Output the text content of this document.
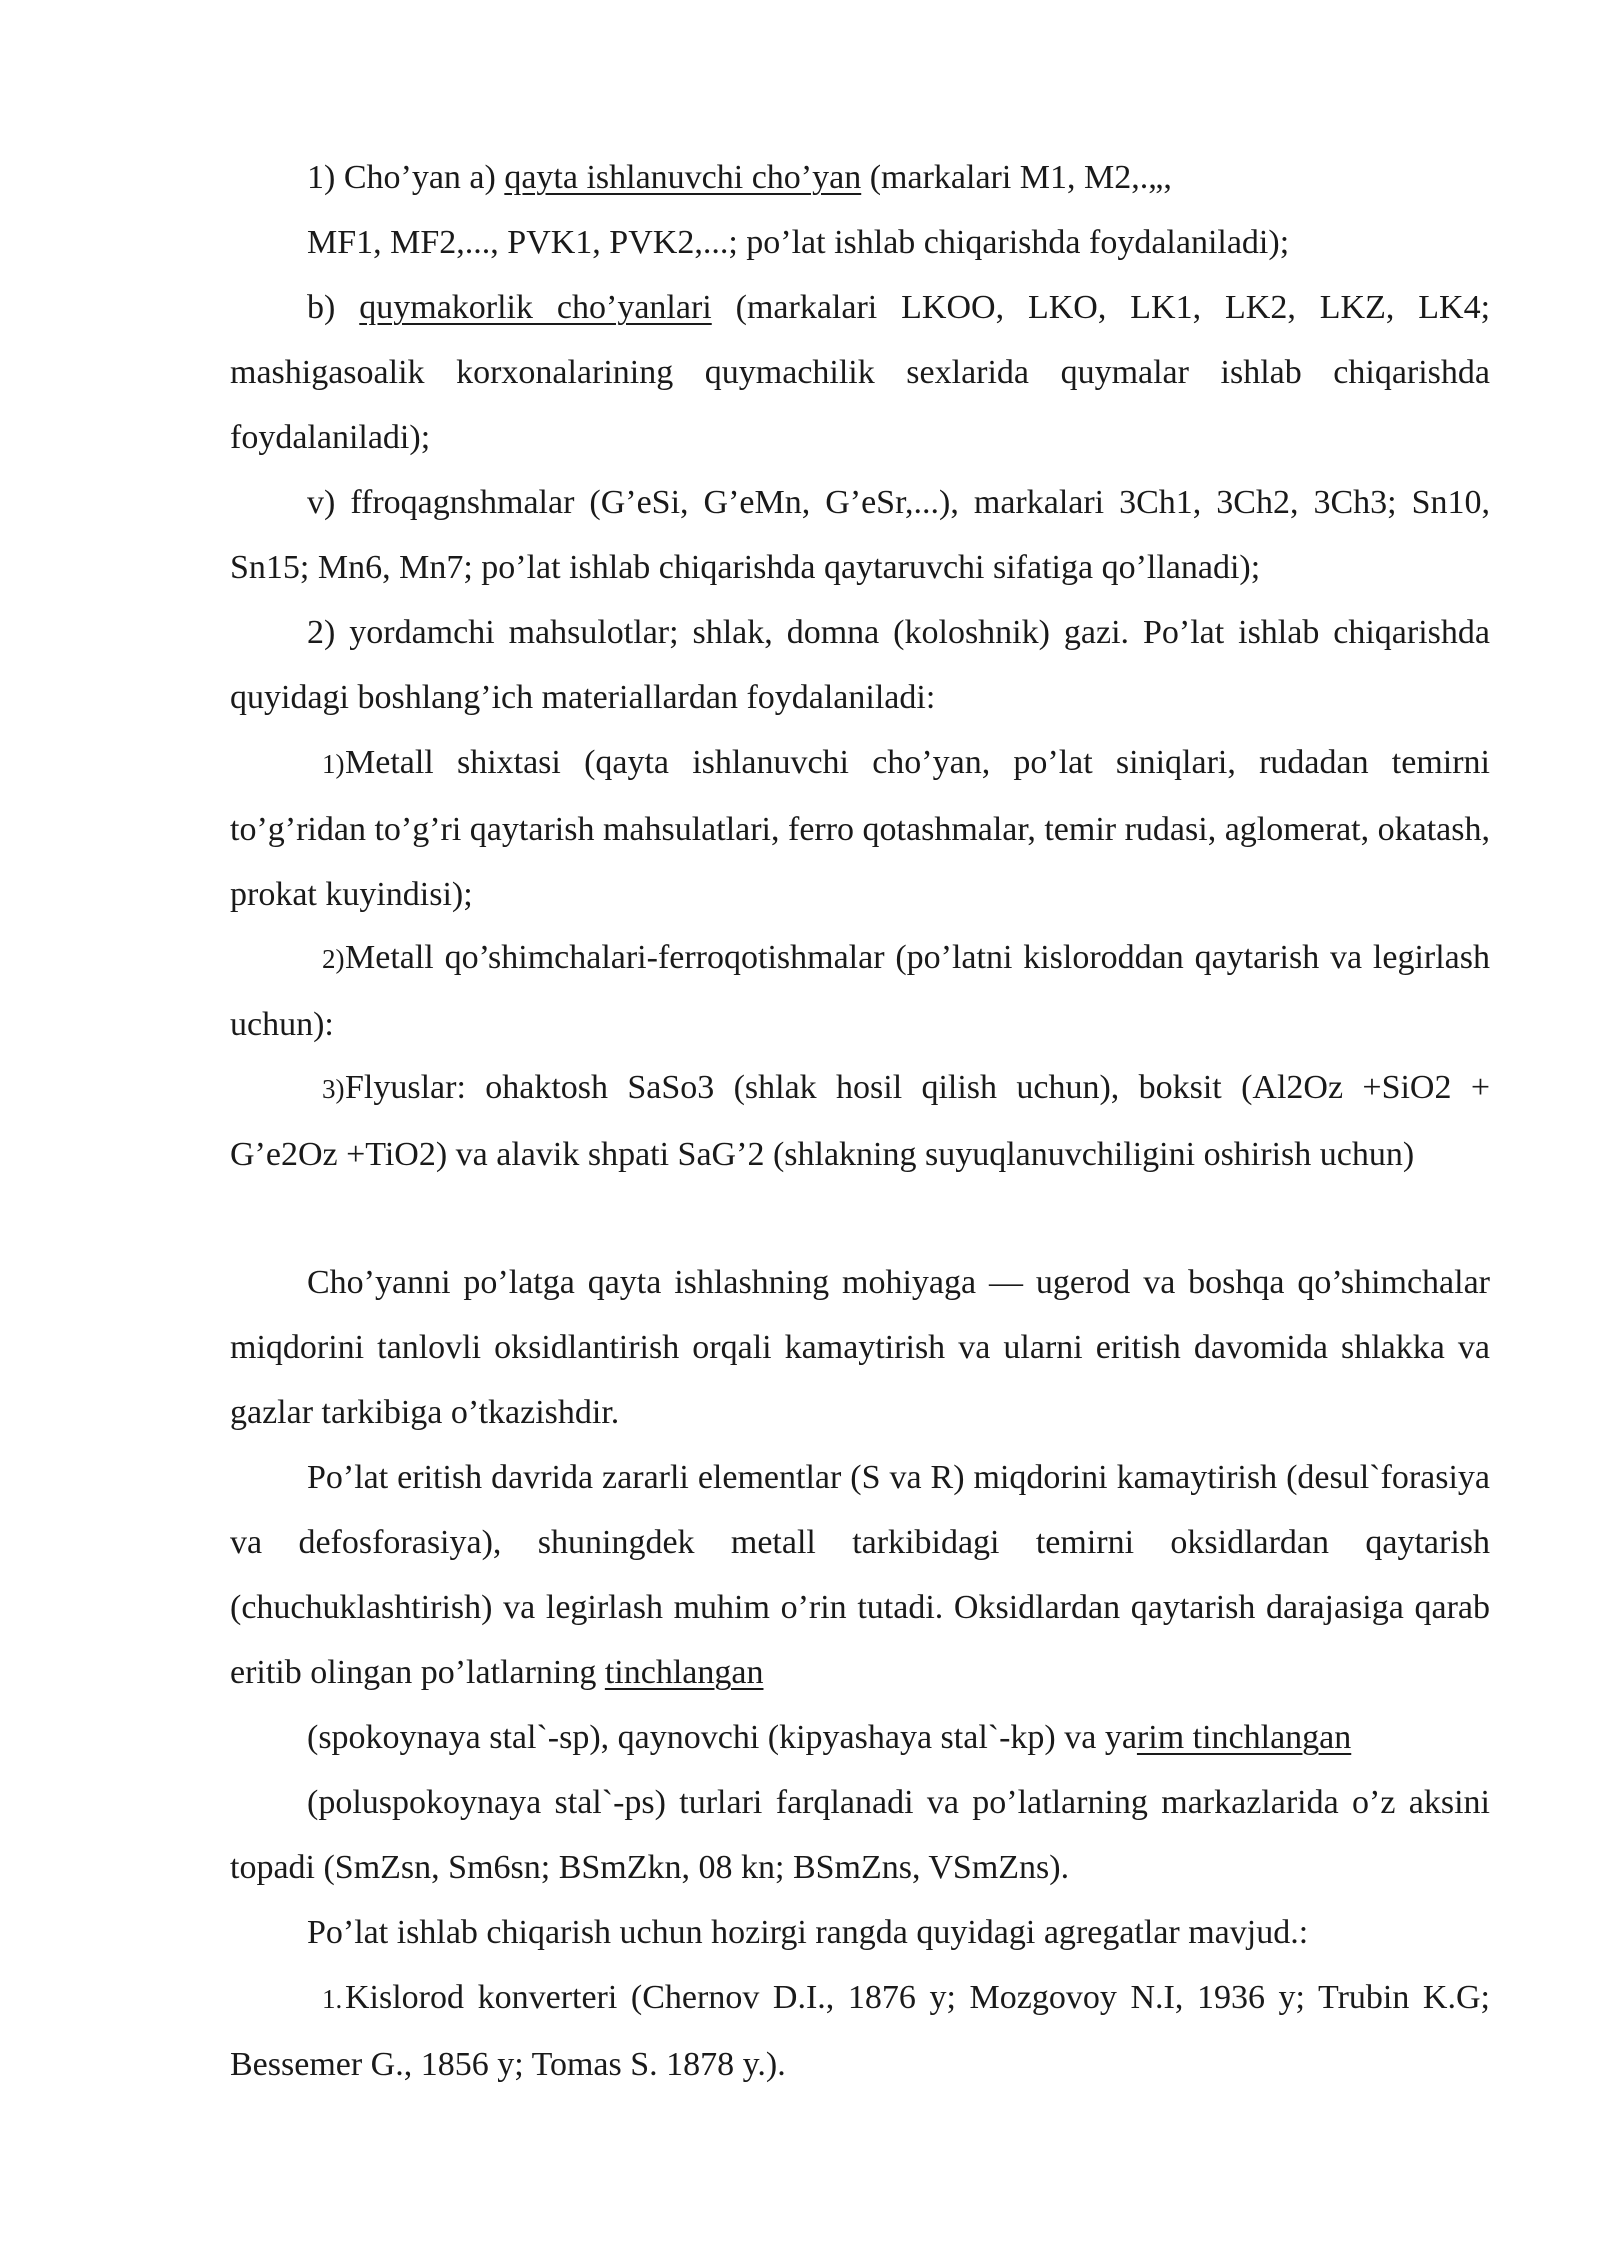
1) Cho’yan a) qayta ishlanuvchi cho’yan (markalari M1, M2,.„,

MF1, MF2,..., PVK1, PVK2,...; po’lat ishlab chiqarishda foydalaniladi);

b) quymakorlik cho’yanlari (markalari LKOO, LKO, LK1, LK2, LKZ, LK4; mashigasoalik korxonalarining quymachilik sexlarida quymalar ishlab chiqarishda foydalaniladi);

v) ffroqagnshmalar (G’eSi, G’eMn, G’eSr,...), markalari 3Ch1, 3Ch2, 3Ch3; Sn10, Sn15; Mn6, Mn7; po’lat ishlab chiqarishda qaytaruvchi sifatiga qo’llanadi);

2) yordamchi mahsulotlar; shlak, domna (koloshnik) gazi. Po’lat ishlab chiqarishda quyidagi boshlang’ich materiallardan foydalaniladi:

1)Metall shixtasi (qayta ishlanuvchi cho’yan, po’lat siniqlari, rudadan temirni to’g’ridan to’g’ri qaytarish mahsulatlari, ferro qotashmalar, temir rudasi, aglomerat, okatash, prokat kuyindisi);

2)Metall qo’shimchalari-ferroqotishmalar (po’latni kisloroddan qaytarish va legirlash uchun):

3)Flyuslar: ohaktosh SaSo3 (shlak hosil qilish uchun), boksit (Al2Oz +SiO2 + G’e2Oz +TiO2) va alavik shpati SaG’2 (shlakning suyuqlanuvchiligini oshirish uchun)

Cho’yanni po’latga qayta ishlashning mohiyaga — ugerod va boshqa qo’shimchalar miqdorini tanlovli oksidlantirish orqali kamaytirish va ularni eritish davomida shlakka va gazlar tarkibiga o’tkazishdir.

Po’lat eritish davrida zararli elementlar (S va R) miqdorini kamaytirish (desul`forasiya va defosforasiya), shuningdek metall tarkibidagi temirni oksidlardan qaytarish (chuchuklashtirish) va legirlash muhim o’rin tutadi. Oksidlardan qaytarish darajasiga qarab eritib olingan po’latlarning tinchlangan

(spokoynaya stal`-sp), qaynovchi (kipyashaya stal`-kp) va yarim tinchlangan

(poluspokoynaya stal`-ps) turlari farqlanadi va po’latlarning markazlarida o’z aksini topadi (SmZsn, Sm6sn; BSmZkn, 08 kn; BSmZns, VSmZns).

Po’lat ishlab chiqarish uchun hozirgi rangda quyidagi agregatlar mavjud.:

1.Kislorod konverteri (Chernov D.I., 1876 y; Mozgovoy N.I, 1936 y; Trubin K.G; Bessemer G., 1856 y; Tomas S. 1878 y.).
